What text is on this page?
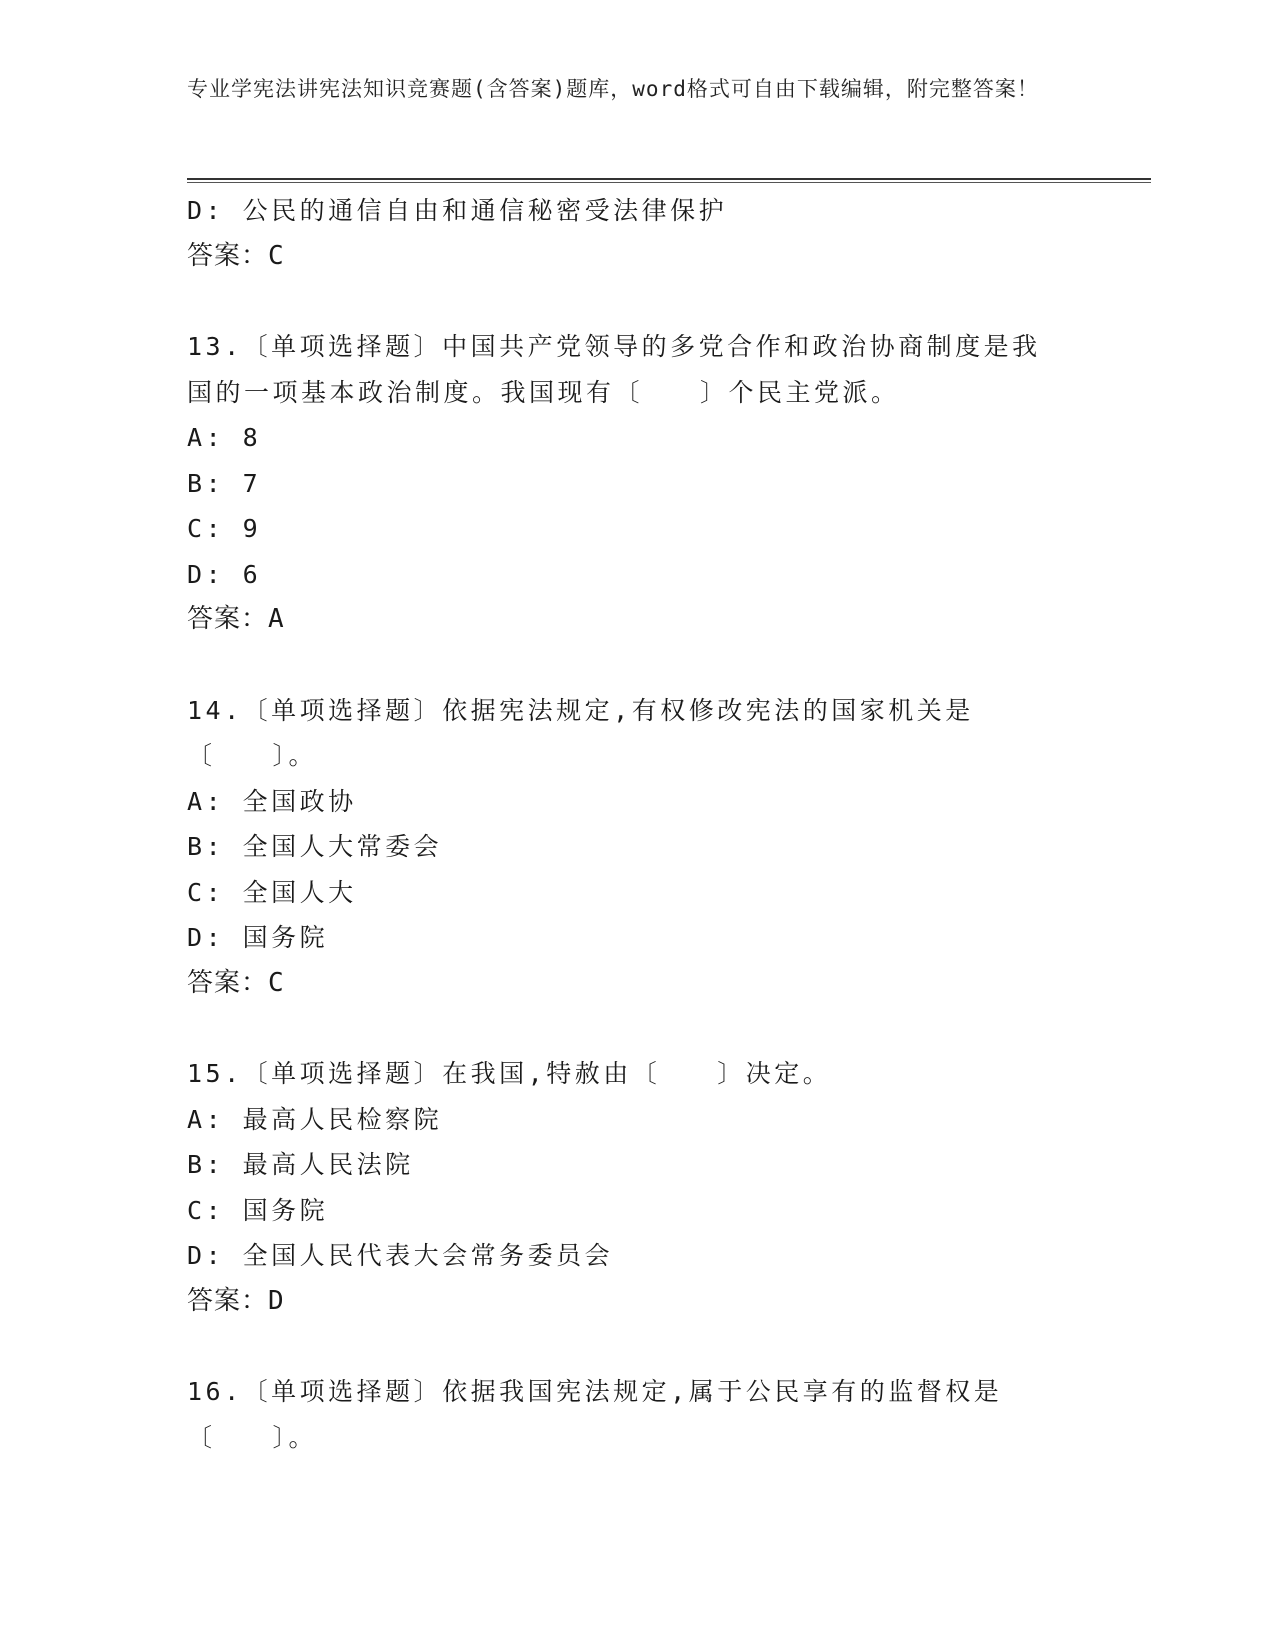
专业学宪法讲宪法知识竞赛题(含答案)题库，word格式可自由下载编辑，附完整答案！
D: 公民的通信自由和通信秘密受法律保护
答案：C
13.〔单项选择题〕中国共产党领导的多党合作和政治协商制度是我国的一项基本政治制度。我国现有〔　　〕个民主党派。
A: 8
B: 7
C: 9
D: 6
答案：A
14.〔单项选择题〕依据宪法规定,有权修改宪法的国家机关是〔　　〕。
A: 全国政协
B: 全国人大常委会
C: 全国人大
D: 国务院
答案：C
15.〔单项选择题〕在我国,特赦由〔　　〕决定。
A: 最高人民检察院
B: 最高人民法院
C: 国务院
D: 全国人民代表大会常务委员会
答案：D
16.〔单项选择题〕依据我国宪法规定,属于公民享有的监督权是〔　　〕。
